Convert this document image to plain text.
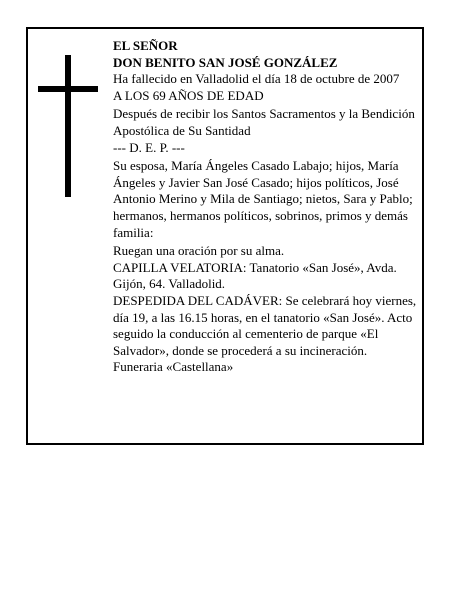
EL SEÑOR

DON BENITO SAN JOSÉ GONZÁLEZ

Ha fallecido en Valladolid el día 18 de octubre de 2007

A LOS 69 AÑOS DE EDAD

Después de recibir los Santos Sacramentos y la Bendición Apostólica de Su Santidad

--- D. E. P. ---

Su esposa, María Ángeles Casado Labajo; hijos, María Ángeles y Javier San José Casado; hijos políticos, José Antonio Merino y Mila de Santiago; nietos, Sara y Pablo; hermanos, hermanos políticos, sobrinos, primos y demás familia:

Ruegan una oración por su alma.

CAPILLA VELATORIA: Tanatorio «San José», Avda. Gijón, 64. Valladolid.

DESPEDIDA DEL CADÁVER: Se celebrará hoy viernes, día 19, a las 16.15 horas, en el tanatorio «San José». Acto seguido la conducción al cementerio de parque «El Salvador», donde se procederá a su incineración.

Funeraria «Castellana»
